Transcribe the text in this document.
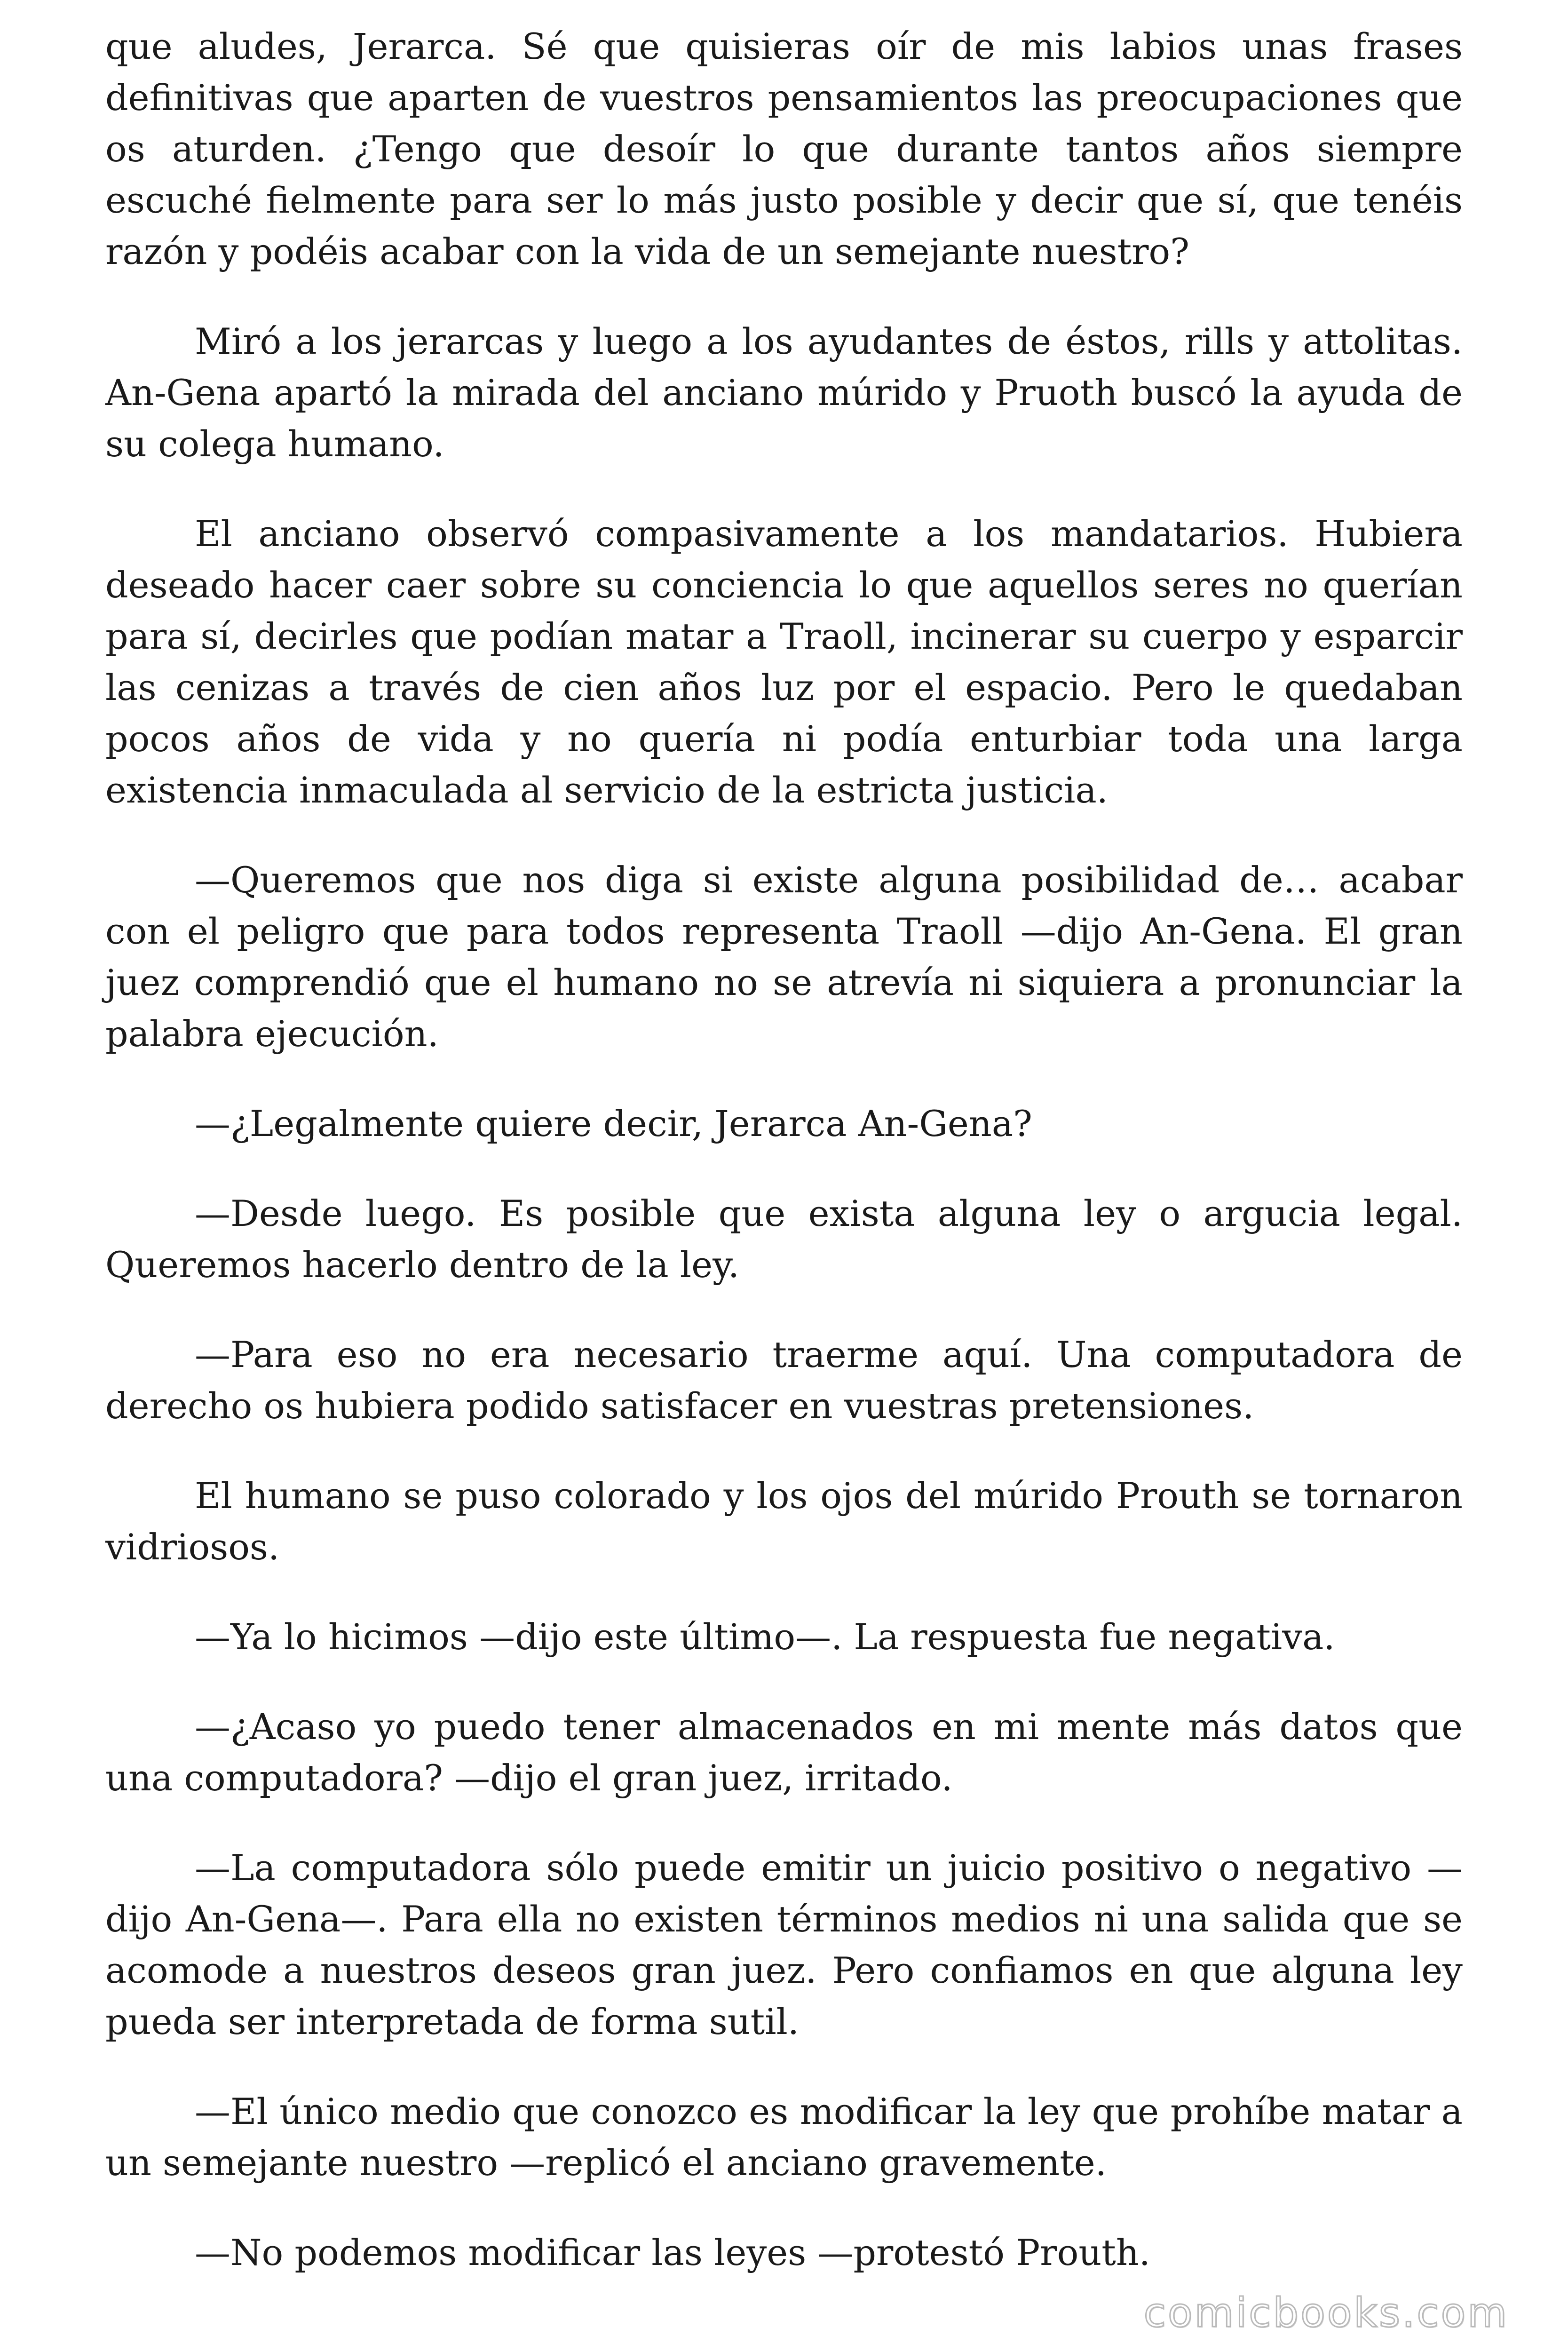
que aludes, Jerarca. Sé que quisieras oír de mis labios unas frases definitivas que aparten de vuestros pensamientos las preocupaciones que os aturden. ¿Tengo que desoír lo que durante tantos años siempre escuché fielmente para ser lo más justo posible y decir que sí, que tenéis razón y podéis acabar con la vida de un semejante nuestro?

Miró a los jerarcas y luego a los ayudantes de éstos, rills y attolitas. An-Gena apartó la mirada del anciano múrido y Pruoth buscó la ayuda de su colega humano.

El anciano observó compasivamente a los mandatarios. Hubiera deseado hacer caer sobre su conciencia lo que aquellos seres no querían para sí, decirles que podían matar a Traoll, incinerar su cuerpo y esparcir las cenizas a través de cien años luz por el espacio. Pero le quedaban pocos años de vida y no quería ni podía enturbiar toda una larga existencia inmaculada al servicio de la estricta justicia.

—Queremos que nos diga si existe alguna posibilidad de… acabar con el peligro que para todos representa Traoll —dijo An-Gena. El gran juez comprendió que el humano no se atrevía ni siquiera a pronunciar la palabra ejecución.

—¿Legalmente quiere decir, Jerarca An-Gena?

—Desde luego. Es posible que exista alguna ley o argucia legal. Queremos hacerlo dentro de la ley.

—Para eso no era necesario traerme aquí. Una computadora de derecho os hubiera podido satisfacer en vuestras pretensiones.

El humano se puso colorado y los ojos del múrido Prouth se tornaron vidriosos.

—Ya lo hicimos —dijo este último—. La respuesta fue negativa.

—¿Acaso yo puedo tener almacenados en mi mente más datos que una computadora? —dijo el gran juez, irritado.

—La computadora sólo puede emitir un juicio positivo o negativo —dijo An-Gena—. Para ella no existen términos medios ni una salida que se acomode a nuestros deseos gran juez. Pero confiamos en que alguna ley pueda ser interpretada de forma sutil.

—El único medio que conozco es modificar la ley que prohíbe matar a un semejante nuestro —replicó el anciano gravemente.

—No podemos modificar las leyes —protestó Prouth.

comicbooks.com
